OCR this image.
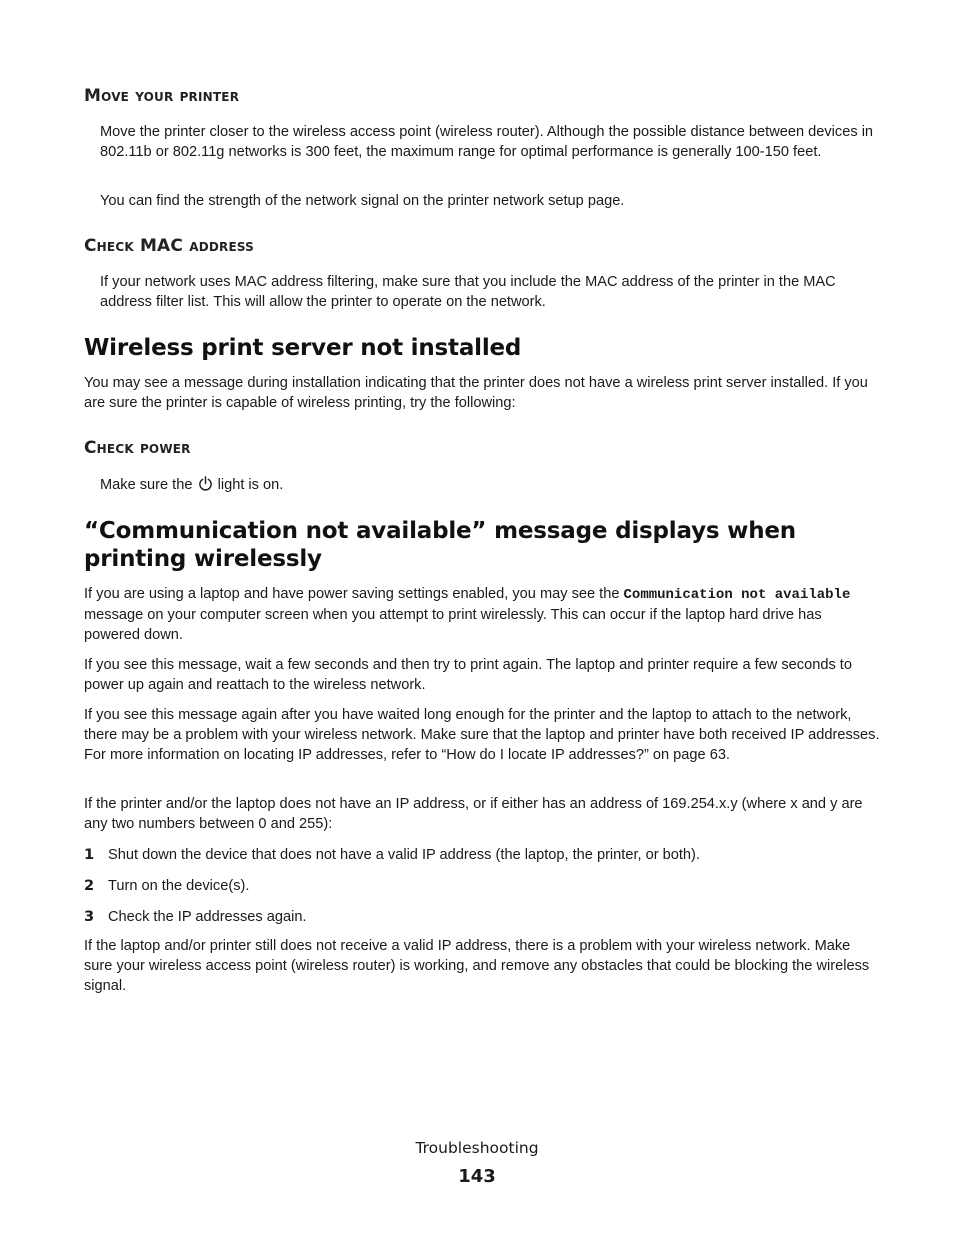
Move your printer

Move the printer closer to the wireless access point (wireless router). Although the possible distance between devices in 802.11b or 802.11g networks is 300 feet, the maximum range for optimal performance is generally 100-150 feet.

You can find the strength of the network signal on the printer network setup page.

Check MAC address

If your network uses MAC address filtering, make sure that you include the MAC address of the printer in the MAC address filter list. This will allow the printer to operate on the network.

Wireless print server not installed

You may see a message during installation indicating that the printer does not have a wireless print server installed. If you are sure the printer is capable of wireless printing, try the following:

Check power

Make sure the light is on.

“Communication not available” message displays when printing wirelessly

If you are using a laptop and have power saving settings enabled, you may see the Communication not available message on your computer screen when you attempt to print wirelessly. This can occur if the laptop hard drive has powered down.

If you see this message, wait a few seconds and then try to print again. The laptop and printer require a few seconds to power up again and reattach to the wireless network.

If you see this message again after you have waited long enough for the printer and the laptop to attach to the network, there may be a problem with your wireless network. Make sure that the laptop and printer have both received IP addresses. For more information on locating IP addresses, refer to “How do I locate IP addresses?” on page 63.

If the printer and/or the laptop does not have an IP address, or if either has an address of 169.254.x.y (where x and y are any two numbers between 0 and 255):

1 Shut down the device that does not have a valid IP address (the laptop, the printer, or both).
2 Turn on the device(s).
3 Check the IP addresses again.

If the laptop and/or printer still does not receive a valid IP address, there is a problem with your wireless network. Make sure your wireless access point (wireless router) is working, and remove any obstacles that could be blocking the wireless signal.

Troubleshooting
143
